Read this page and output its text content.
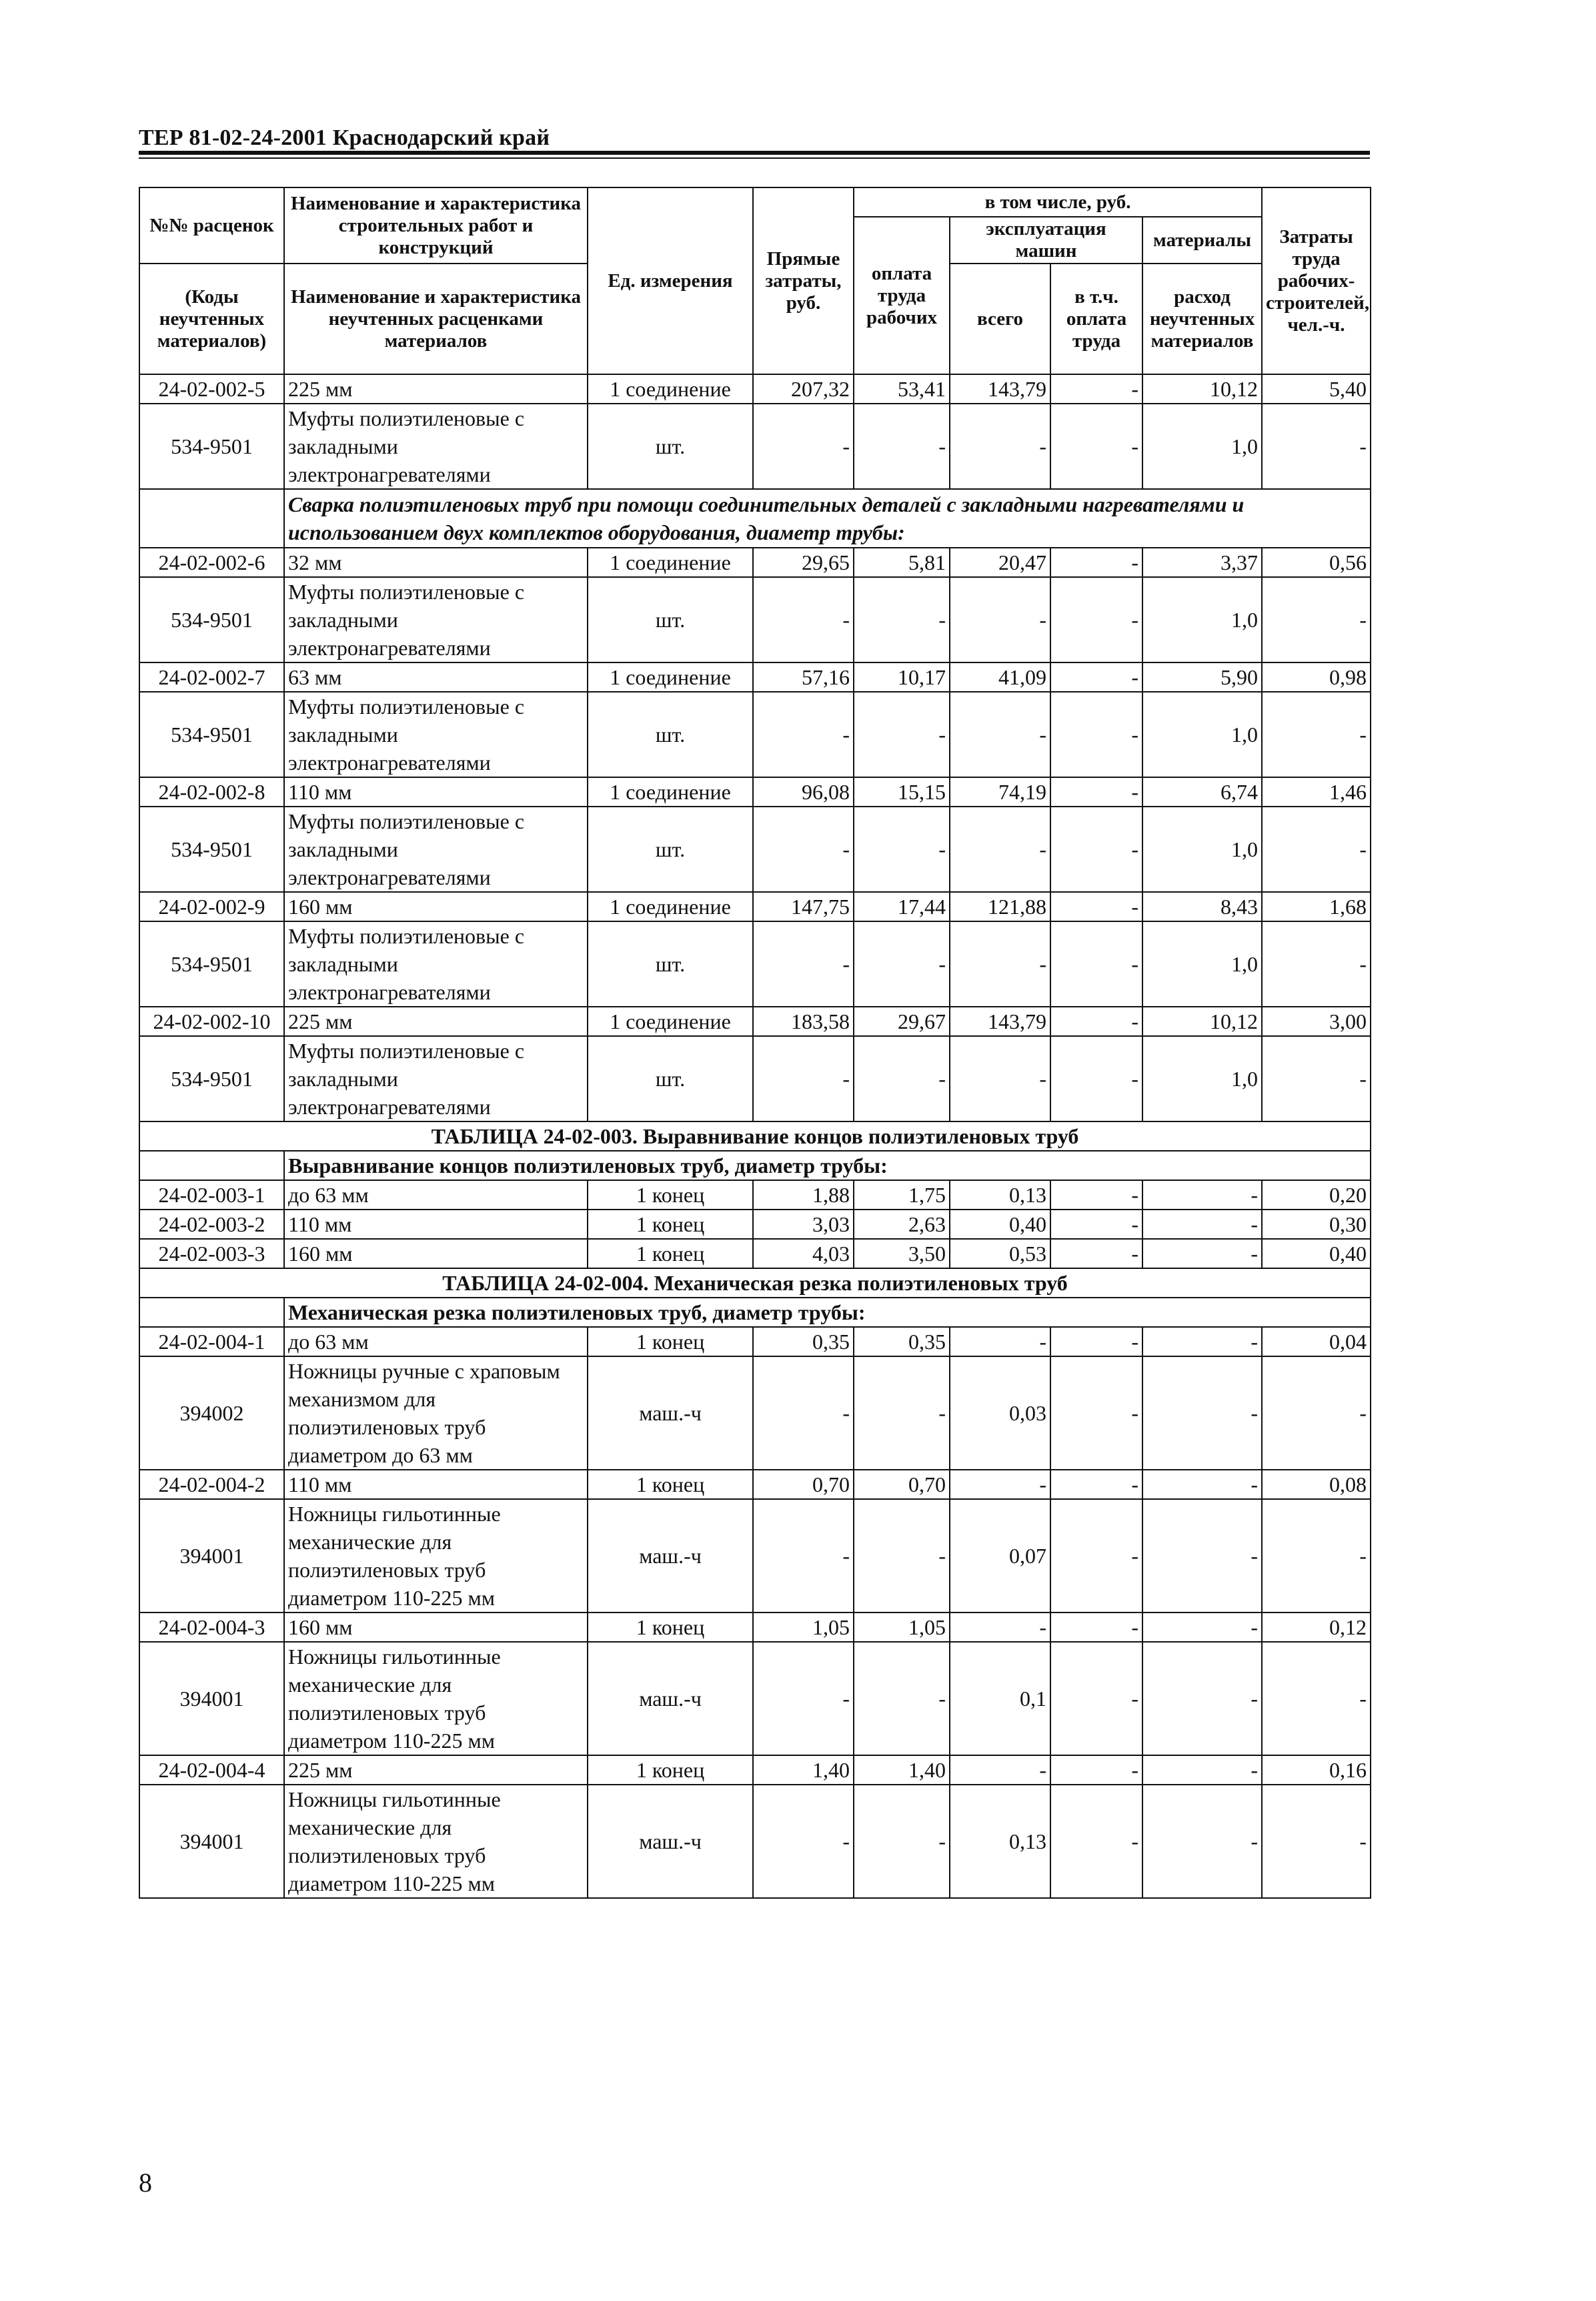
ТЕР 81-02-24-2001 Краснодарский край
№№ расценок	Наименование и характеристика строительных работ и конструкций	Ед. измерения	Прямые затраты, руб.	в том числе, руб.				Затраты труда рабочих-строителей, чел.-ч.
				оплата труда рабочих	эксплуатация машин		материалы	
(Коды неучтенных материалов)	Наименование и характеристика неучтенных расценками материалов				всего	в т.ч. оплата труда	расход неучтенных материалов	

24-02-002-5	225 мм	1 соединение	207,32	53,41	143,79	-	10,12	5,40
534-9501	Муфты полиэтиленовые с закладными электронагревателями	шт.	-	-	-	-	1,0	-
	Сварка полиэтиленовых труб при помощи соединительных деталей с закладными нагревателями и использованием двух комплектов оборудования, диаметр трубы:							
24-02-002-6	32 мм	1 соединение	29,65	5,81	20,47	-	3,37	0,56
534-9501	Муфты полиэтиленовые с закладными электронагревателями	шт.	-	-	-	-	1,0	-
24-02-002-7	63 мм	1 соединение	57,16	10,17	41,09	-	5,90	0,98
534-9501	Муфты полиэтиленовые с закладными электронагревателями	шт.	-	-	-	-	1,0	-
24-02-002-8	110 мм	1 соединение	96,08	15,15	74,19	-	6,74	1,46
534-9501	Муфты полиэтиленовые с закладными электронагревателями	шт.	-	-	-	-	1,0	-
24-02-002-9	160 мм	1 соединение	147,75	17,44	121,88	-	8,43	1,68
534-9501	Муфты полиэтиленовые с закладными электронагревателями	шт.	-	-	-	-	1,0	-
24-02-002-10	225 мм	1 соединение	183,58	29,67	143,79	-	10,12	3,00
534-9501	Муфты полиэтиленовые с закладными электронагревателями	шт.	-	-	-	-	1,0	-
ТАБЛИЦА 24-02-003. Выравнивание концов полиэтиленовых труб								
	Выравнивание концов полиэтиленовых труб, диаметр трубы:							
24-02-003-1	до 63 мм	1 конец	1,88	1,75	0,13	-	-	0,20
24-02-003-2	110 мм	1 конец	3,03	2,63	0,40	-	-	0,30
24-02-003-3	160 мм	1 конец	4,03	3,50	0,53	-	-	0,40
ТАБЛИЦА 24-02-004. Механическая резка полиэтиленовых труб								
	Механическая резка полиэтиленовых труб, диаметр трубы:							
24-02-004-1	до 63 мм	1 конец	0,35	0,35	-	-	-	0,04
394002	Ножницы ручные с храповым механизмом для полиэтиленовых труб диаметром до 63 мм	маш.-ч	-	-	0,03	-	-	-
24-02-004-2	110 мм	1 конец	0,70	0,70	-	-	-	0,08
394001	Ножницы гильотинные механические для полиэтиленовых труб диаметром 110-225 мм	маш.-ч	-	-	0,07	-	-	-
24-02-004-3	160 мм	1 конец	1,05	1,05	-	-	-	0,12
394001	Ножницы гильотинные механические для полиэтиленовых труб диаметром 110-225 мм	маш.-ч	-	-	0,1	-	-	-
24-02-004-4	225 мм	1 конец	1,40	1,40	-	-	-	0,16
394001	Ножницы гильотинные механические для полиэтиленовых труб диаметром 110-225 мм	маш.-ч	-	-	0,13	-	-	-
8
